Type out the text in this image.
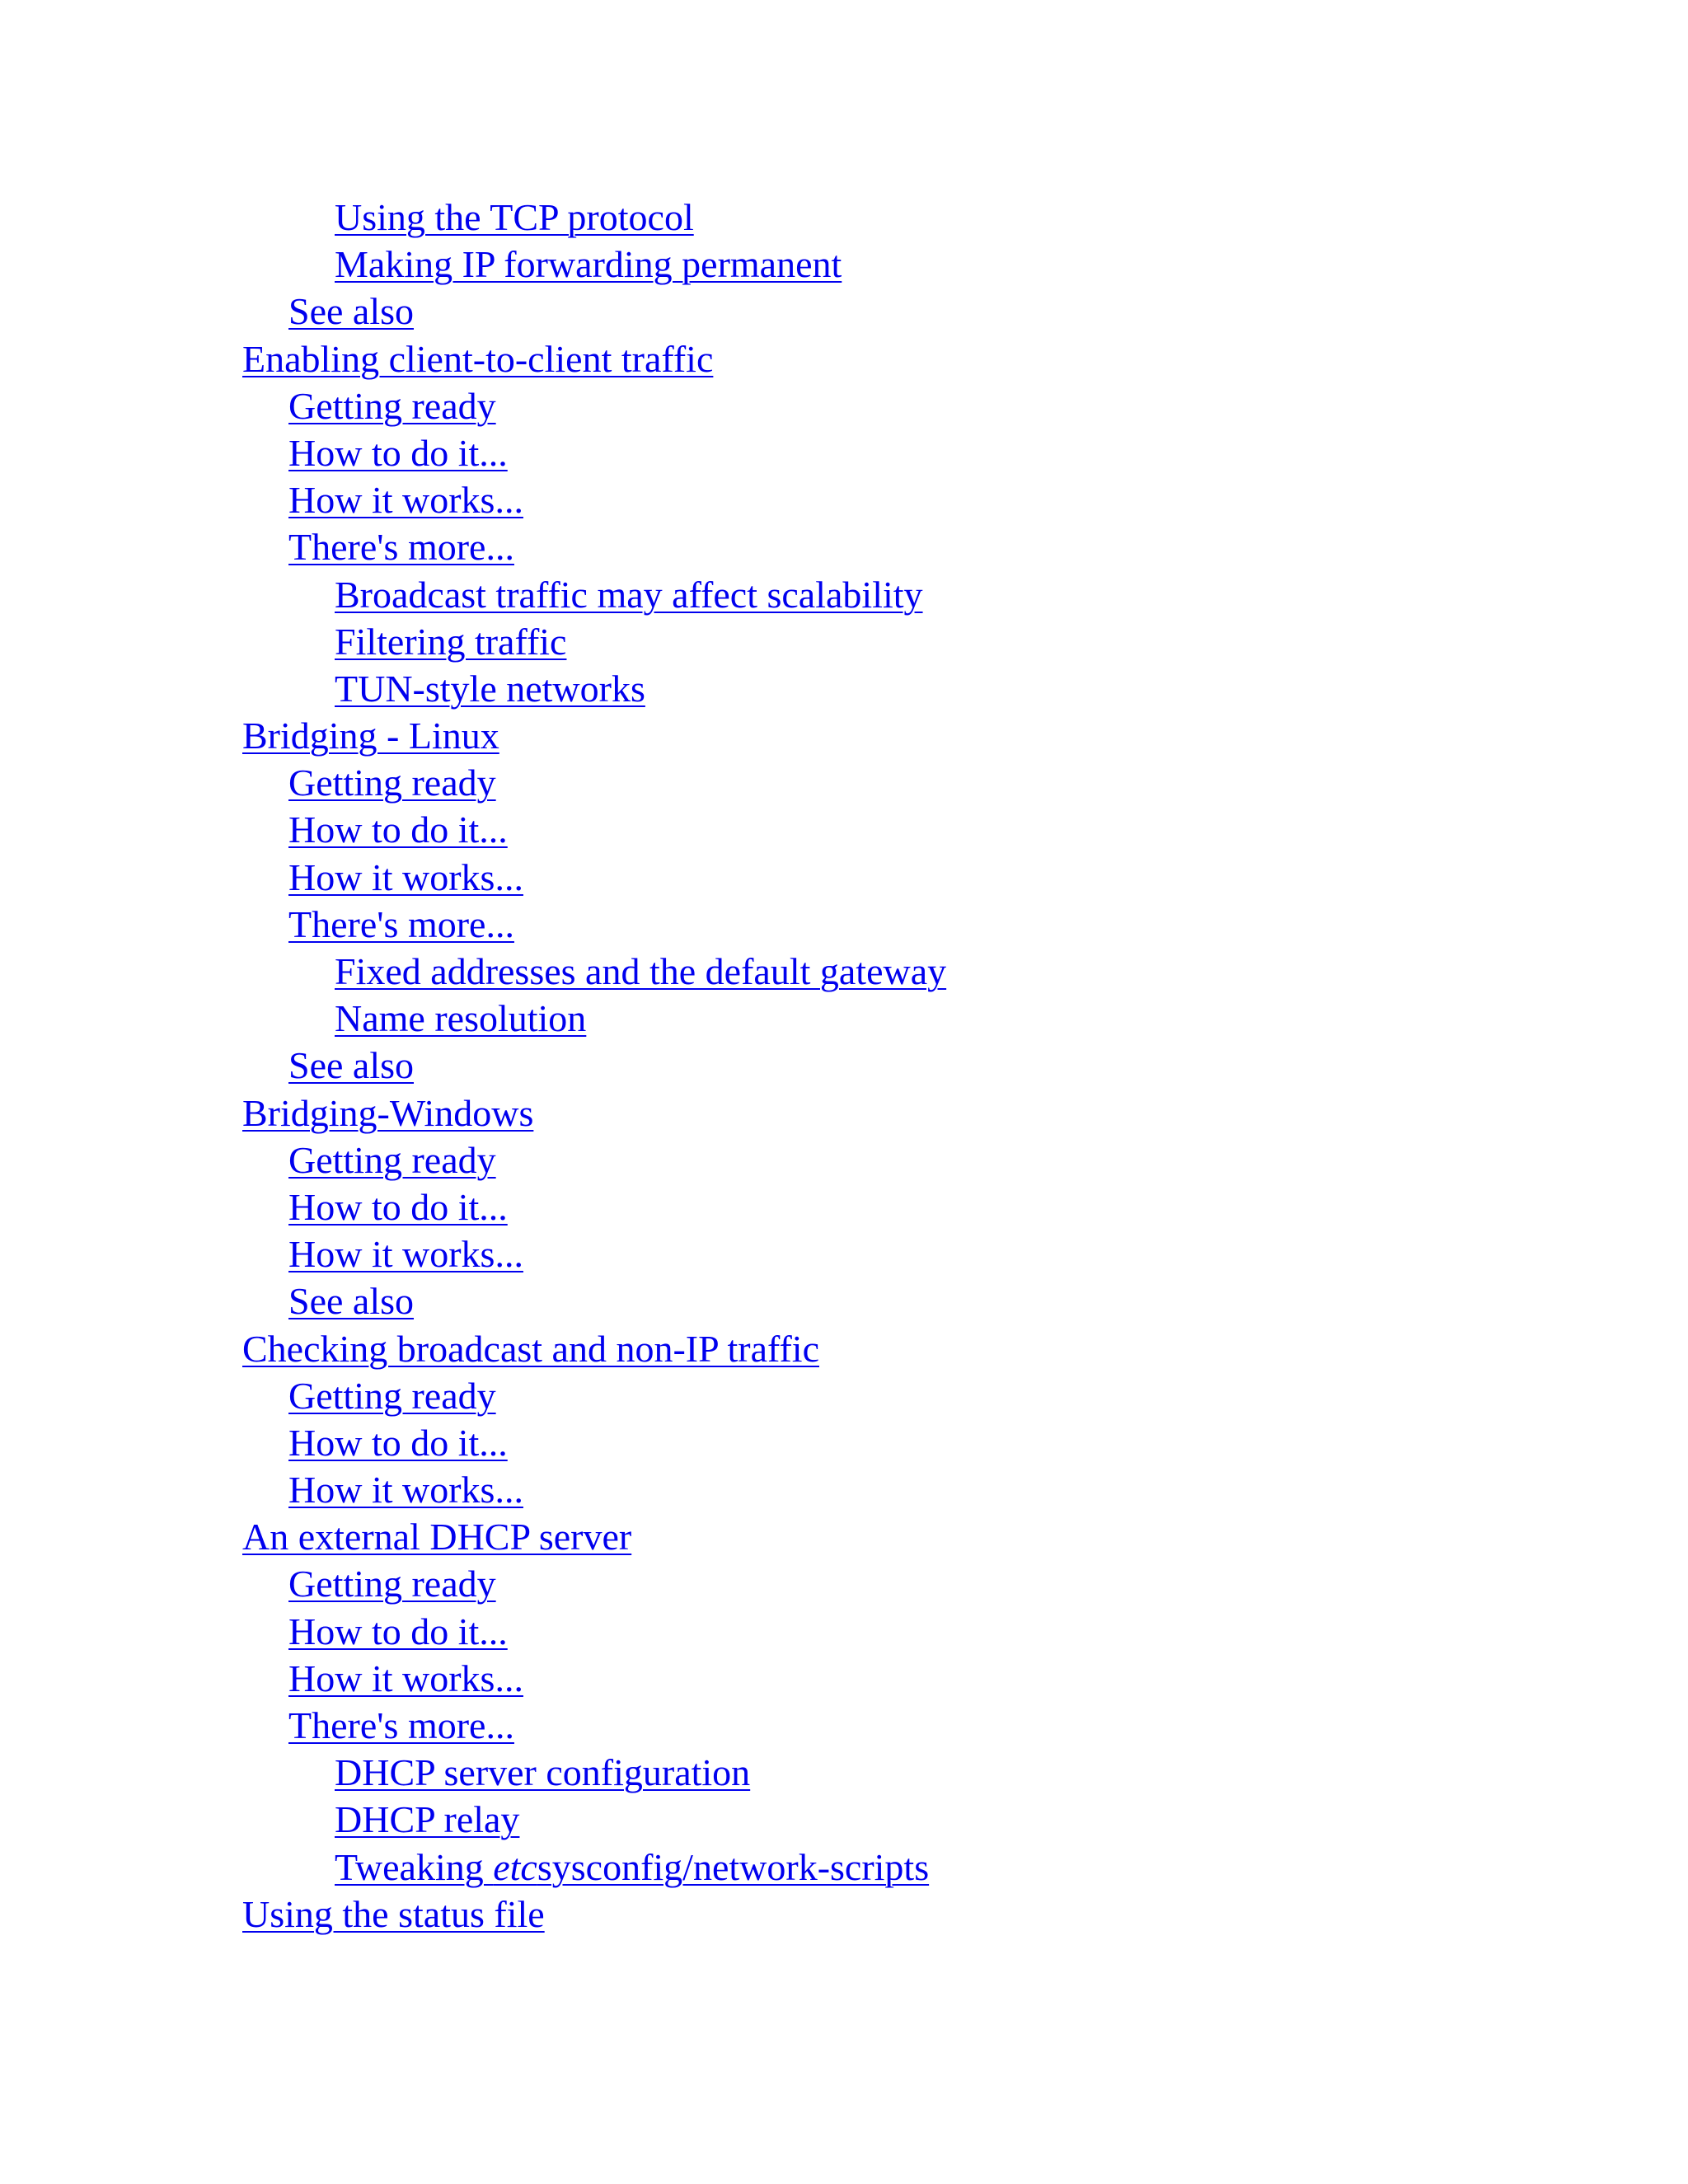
Using the TCP protocol
Making IP forwarding permanent
See also
Enabling client-to-client traffic
Getting ready
How to do it...
How it works...
There's more...
Broadcast traffic may affect scalability
Filtering traffic
TUN-style networks
Bridging - Linux
Getting ready
How to do it...
How it works...
There's more...
Fixed addresses and the default gateway
Name resolution
See also
Bridging-Windows
Getting ready
How to do it...
How it works...
See also
Checking broadcast and non-IP traffic
Getting ready
How to do it...
How it works...
An external DHCP server
Getting ready
How to do it...
How it works...
There's more...
DHCP server configuration
DHCP relay
Tweaking etcsysconfig/network-scripts
Using the status file
